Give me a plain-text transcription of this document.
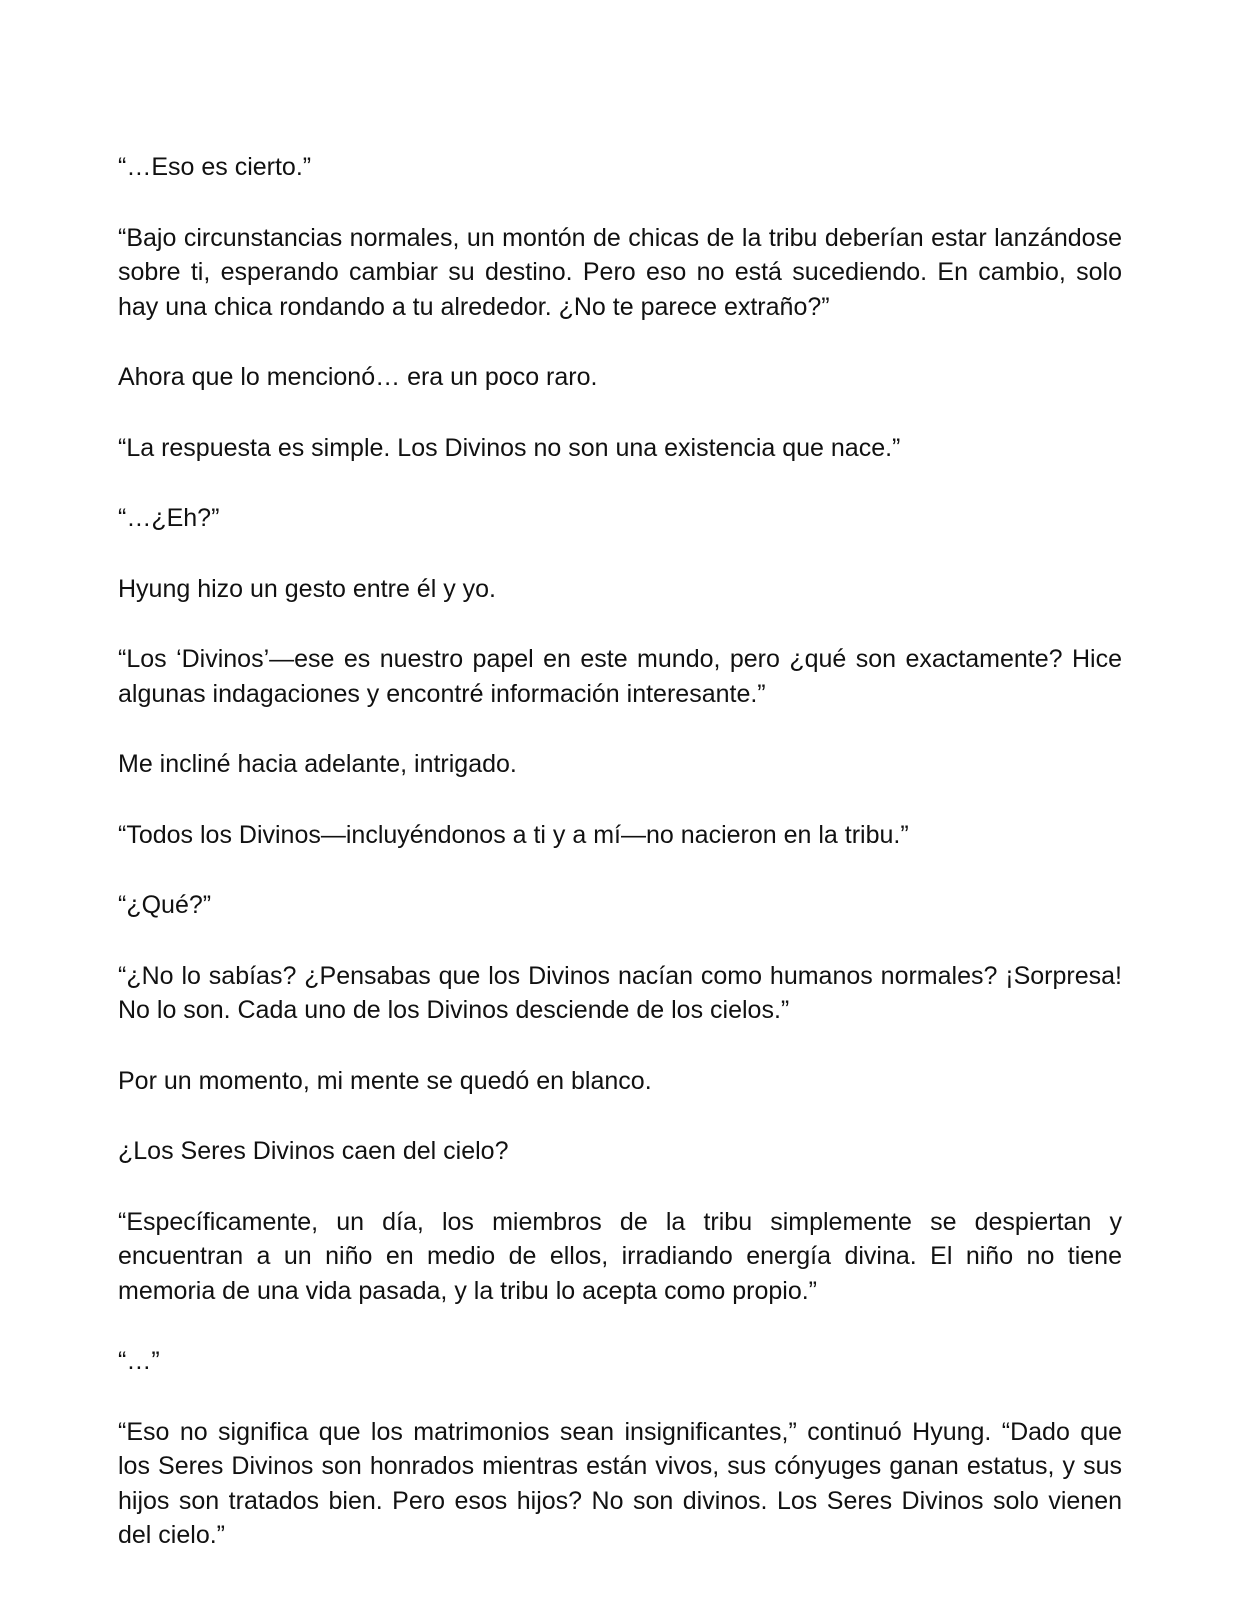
“…Eso es cierto.”

“Bajo circunstancias normales, un montón de chicas de la tribu deberían estar lanzándose sobre ti, esperando cambiar su destino. Pero eso no está sucediendo. En cambio, solo hay una chica rondando a tu alrededor. ¿No te parece extraño?”

Ahora que lo mencionó… era un poco raro.

“La respuesta es simple. Los Divinos no son una existencia que nace.”

“…¿Eh?”

Hyung hizo un gesto entre él y yo.

“Los ‘Divinos’—ese es nuestro papel en este mundo, pero ¿qué son exactamente? Hice algunas indagaciones y encontré información interesante.”

Me incliné hacia adelante, intrigado.

“Todos los Divinos—incluyéndonos a ti y a mí—no nacieron en la tribu.”

“¿Qué?”

“¿No lo sabías? ¿Pensabas que los Divinos nacían como humanos normales? ¡Sorpresa! No lo son. Cada uno de los Divinos desciende de los cielos.”

Por un momento, mi mente se quedó en blanco.

¿Los Seres Divinos caen del cielo?

“Específicamente, un día, los miembros de la tribu simplemente se despiertan y encuentran a un niño en medio de ellos, irradiando energía divina. El niño no tiene memoria de una vida pasada, y la tribu lo acepta como propio.”

“…”

“Eso no significa que los matrimonios sean insignificantes,” continuó Hyung. “Dado que los Seres Divinos son honrados mientras están vivos, sus cónyuges ganan estatus, y sus hijos son tratados bien. Pero esos hijos? No son divinos. Los Seres Divinos solo vienen del cielo.”
